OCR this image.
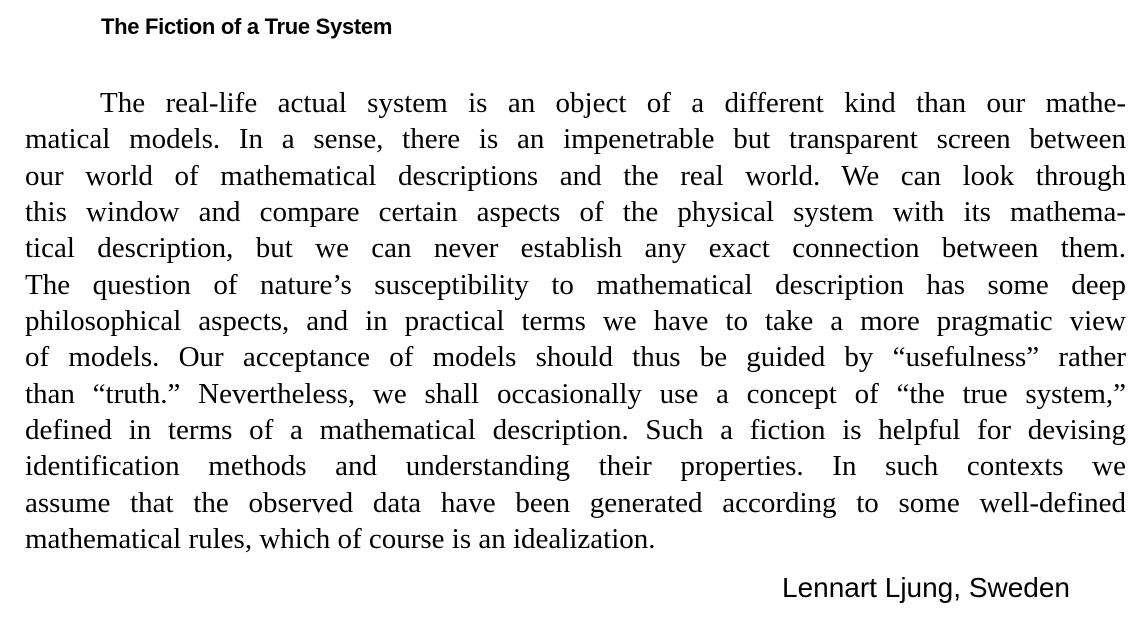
The Fiction of a True System
The real-life actual system is an object of a different kind than our mathe-
matical models. In a sense, there is an impenetrable but transparent screen between
our world of mathematical descriptions and the real world. We can look through
this window and compare certain aspects of the physical system with its mathema-
tical description, but we can never establish any exact connection between them.
The question of nature’s susceptibility to mathematical description has some deep
philosophical aspects, and in practical terms we have to take a more pragmatic view
of models. Our acceptance of models should thus be guided by “usefulness” rather
than “truth.” Nevertheless, we shall occasionally use a concept of “the true system,”
defined in terms of a mathematical description. Such a fiction is helpful for devising
identification methods and understanding their properties. In such contexts we
assume that the observed data have been generated according to some well-defined
mathematical rules, which of course is an idealization.
Lennart Ljung, Sweden
